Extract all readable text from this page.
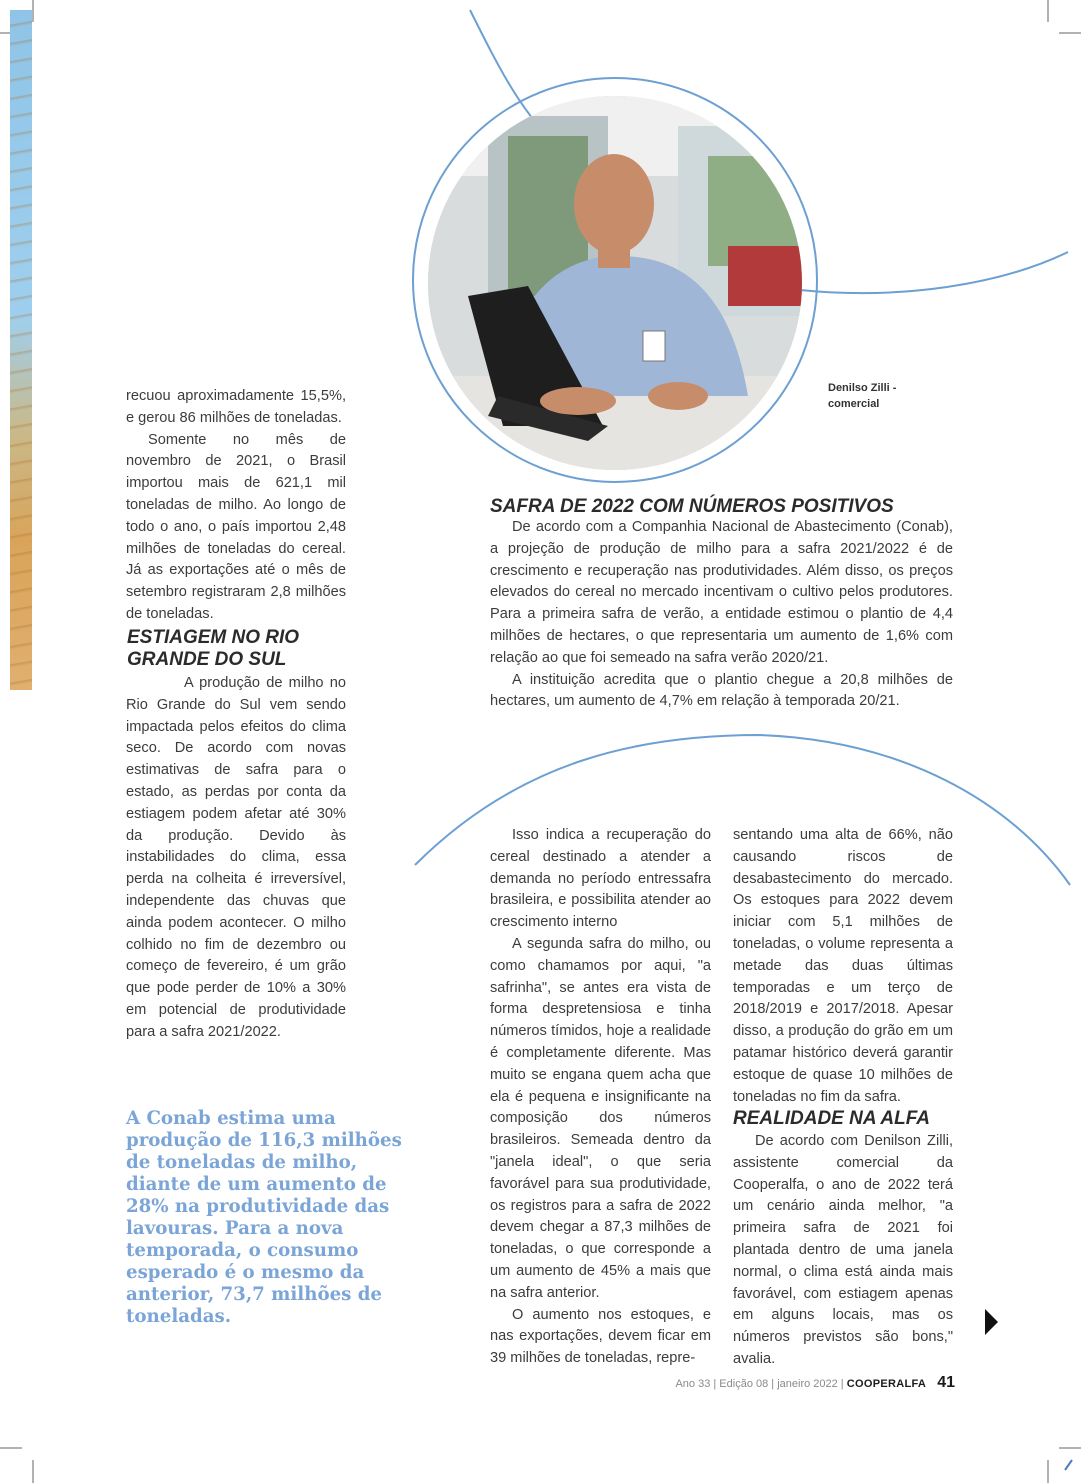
Denilso Zilli -
comercial

recuou aproximadamente 15,5%, e gerou 86 milhões de toneladas.

Somente no mês de novembro de 2021, o Brasil importou mais de 621,1 mil toneladas de milho. Ao longo de todo o ano, o país importou 2,48 milhões de toneladas do cereal. Já as exportações até o mês de setembro registraram 2,8 milhões de toneladas.

ESTIAGEM NO RIO
GRANDE DO SUL

A produção de milho no Rio Grande do Sul vem sendo impactada pelos efeitos do clima seco. De acordo com novas estimativas de safra para o estado, as perdas por conta da estiagem podem afetar até 30% da produção. Devido às instabilidades do clima, essa perda na colheita é irreversível, independente das chuvas que ainda podem acontecer. O milho colhido no fim de dezembro ou começo de fevereiro, é um grão que pode perder de 10% a 30% em potencial de produtividade para a safra 2021/2022.

A Conab estima uma produção de 116,3 milhões de toneladas de milho, diante de um aumento de 28% na produtividade das lavouras. Para a nova temporada, o consumo esperado é o mesmo da anterior, 73,7 milhões de toneladas.
SAFRA DE 2022 COM NÚMEROS POSITIVOS

De acordo com a Companhia Nacional de Abastecimento (Conab), a projeção de produção de milho para a safra 2021/2022 é de crescimento e recuperação nas produtividades. Além disso, os preços elevados do cereal no mercado incentivam o cultivo pelos produtores. Para a primeira safra de verão, a entidade estimou o plantio de 4,4 milhões de hectares, o que representaria um aumento de 1,6% com relação ao que foi semeado na safra verão 2020/21.

A instituição acredita que o plantio chegue a 20,8 milhões de hectares, um aumento de 4,7% em relação à temporada 20/21.

Isso indica a recuperação do cereal destinado a atender a demanda no período entressafra brasileira, e possibilita atender ao crescimento interno

A segunda safra do milho, ou como chamamos por aqui, "a safrinha", se antes era vista de forma despretensiosa e tinha números tímidos, hoje a realidade é completamente diferente. Mas muito se engana quem acha que ela é pequena e insignificante na composição dos números brasileiros. Semeada dentro da "janela ideal", o que seria favorável para sua produtividade, os registros para a safra de 2022 devem chegar a 87,3 milhões de toneladas, o que corresponde a um aumento de 45% a mais que na safra anterior.

O aumento nos estoques, e nas exportações, devem ficar em 39 milhões de toneladas, repre-

sentando uma alta de 66%, não causando riscos de desabastecimento do mercado. Os estoques para 2022 devem iniciar com 5,1 milhões de toneladas, o volume representa a metade das duas últimas temporadas e um terço de 2018/2019 e 2017/2018. Apesar disso, a produção do grão em um patamar histórico deverá garantir estoque de quase 10 milhões de toneladas no fim da safra.

REALIDADE NA ALFA

De acordo com Denilson Zilli, assistente comercial da Cooperalfa, o ano de 2022 terá um cenário ainda melhor, "a primeira safra de 2021 foi plantada dentro de uma janela normal, o clima está ainda mais favorável, com estiagem apenas em alguns locais, mas os números previstos são bons," avalia.

Ano 33 | Edição 08 | janeiro 2022 | COOPERALFA 41
